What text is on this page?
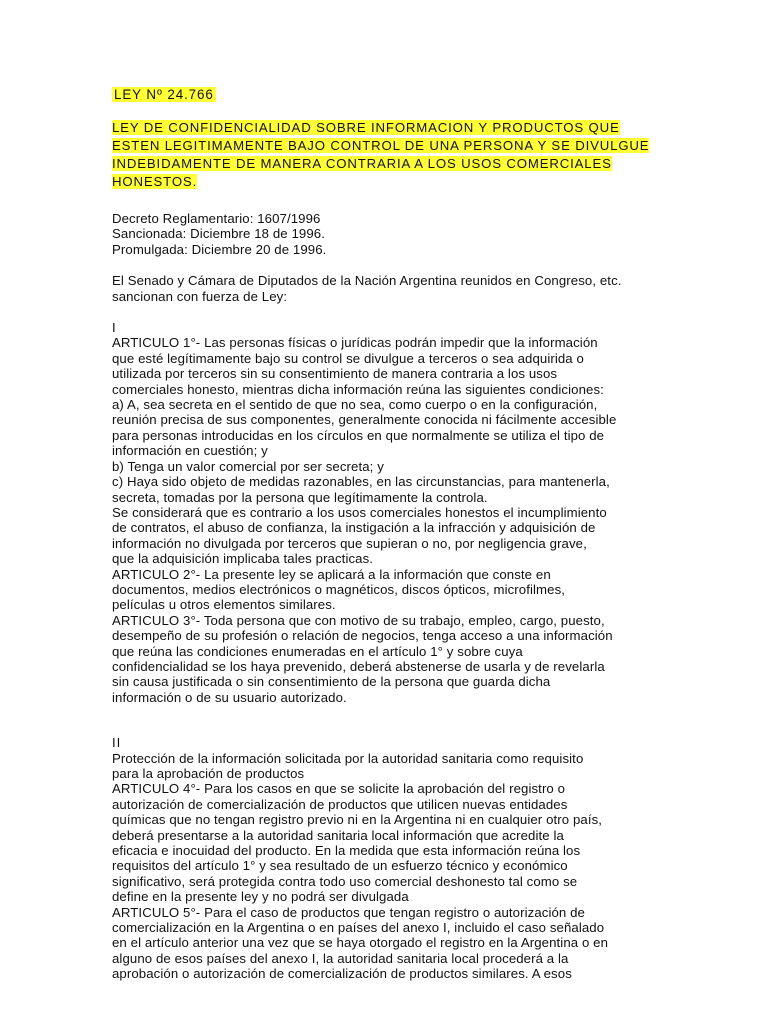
LEY Nº 24.766
LEY DE CONFIDENCIALIDAD SOBRE INFORMACION Y PRODUCTOS QUE ESTEN LEGITIMAMENTE BAJO CONTROL DE UNA PERSONA Y SE DIVULGUE INDEBIDAMENTE DE MANERA CONTRARIA A LOS USOS COMERCIALES HONESTOS.
Decreto Reglamentario: 1607/1996
Sancionada: Diciembre 18 de 1996.
Promulgada: Diciembre 20 de 1996.
El Senado y Cámara de Diputados de la Nación Argentina reunidos en Congreso, etc. sancionan con fuerza de Ley:
I
ARTICULO 1°- Las personas físicas o jurídicas podrán impedir que la información
que esté legítimamente bajo su control se divulgue a terceros o sea adquirida o
utilizada por terceros sin su consentimiento de manera contraria a los usos
comerciales honesto, mientras dicha información reúna las siguientes condiciones:
a) A, sea secreta en el sentido de que no sea, como cuerpo o en la configuración,
reunión precisa de sus componentes, generalmente conocida ni fácilmente accesible
para personas introducidas en los círculos en que normalmente se utiliza el tipo de
información en cuestión; y
b) Tenga un valor comercial por ser secreta; y
c) Haya sido objeto de medidas razonables, en las circunstancias, para mantenerla,
secreta, tomadas por la persona que legítimamente la controla.
Se considerará que es contrario a los usos comerciales honestos el incumplimiento
de contratos, el abuso de confianza, la instigación a la infracción y adquisición de
información no divulgada por terceros que supieran o no, por negligencia grave,
que la adquisición implicaba tales practicas.
ARTICULO 2°- La presente ley se aplicará a la información que conste en
documentos, medios electrónicos o magnéticos, discos ópticos, microfilmes,
películas u otros elementos similares.
ARTICULO 3°- Toda persona que con motivo de su trabajo, empleo, cargo, puesto,
desempeño de su profesión o relación de negocios, tenga acceso a una información
que reúna las condiciones enumeradas en el artículo 1° y sobre cuya
confidencialidad se los haya prevenido, deberá abstenerse de usarla y de revelarla
sin causa justificada o sin consentimiento de la persona que guarda dicha
información o de su usuario autorizado.
II
Protección de la información solicitada por la autoridad sanitaria como requisito
para la aprobación de productos
ARTICULO 4°- Para los casos en que se solicite la aprobación del registro o
autorización de comercialización de productos que utilicen nuevas entidades
químicas que no tengan registro previo ni en la Argentina ni en cualquier otro país,
deberá presentarse a la autoridad sanitaria local información que acredite la
eficacia e inocuidad del producto. En la medida que esta información reúna los
requisitos del artículo 1° y sea resultado de un esfuerzo técnico y económico
significativo, será protegida contra todo uso comercial deshonesto tal como se
define en la presente ley y no podrá ser divulgada
ARTICULO 5°- Para el caso de productos que tengan registro o autorización de
comercialización en la Argentina o en países del anexo I, incluido el caso señalado
en el artículo anterior una vez que se haya otorgado el registro en la Argentina o en
alguno de esos países del anexo I, la autoridad sanitaria local procederá a la
aprobación o autorización de comercialización de productos similares. A esos
